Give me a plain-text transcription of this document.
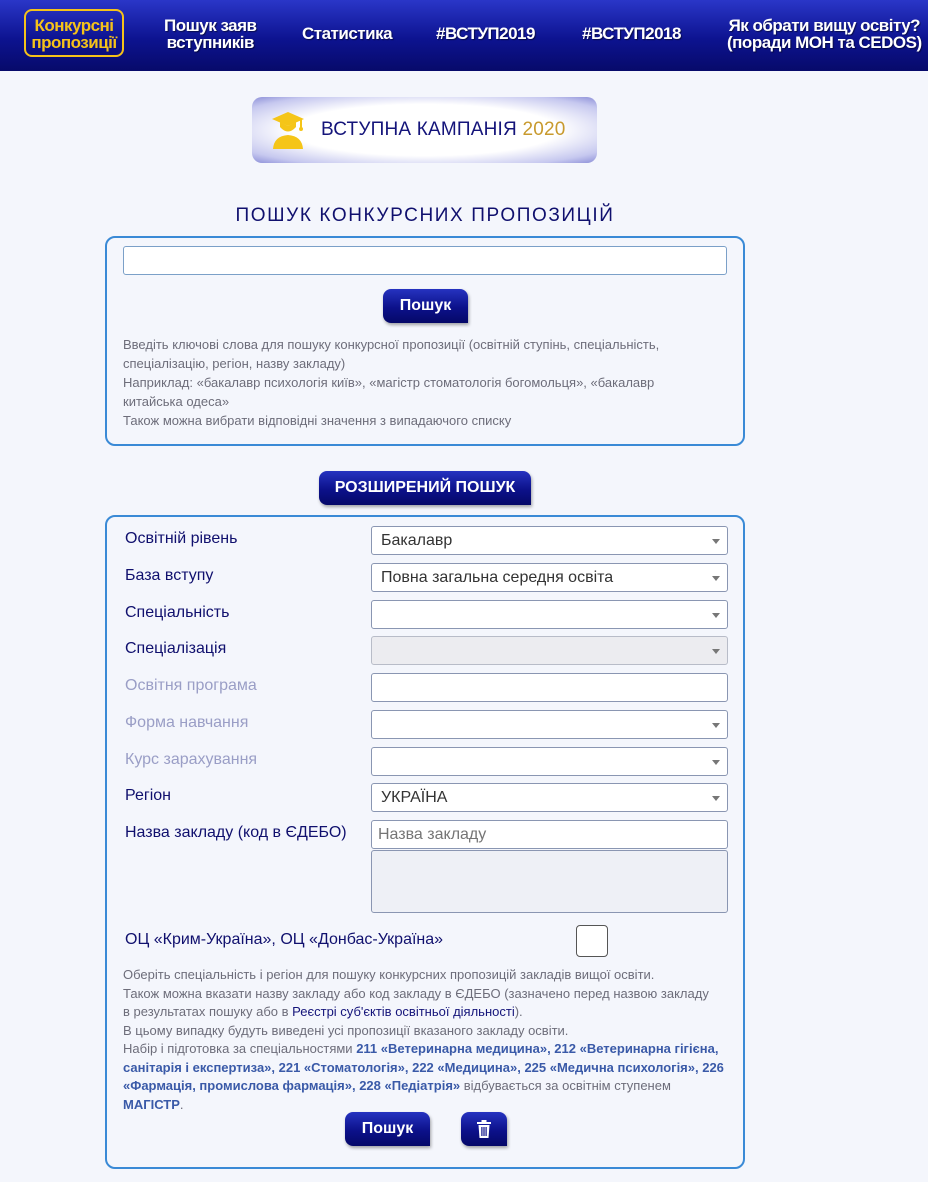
Конкурсні
пропозиції
Пошук заяв
вступників	Статистика	#ВСТУП2019	#ВСТУП2018	Як обрати вищу освіту?
(поради МОН та CEDOS)
ВСТУПНА КАМПАНІЯ 2020
ПОШУК КОНКУРСНИХ ПРОПОЗИЦІЙ
Пошук
Введіть ключові слова для пошуку конкурсної пропозиції (освітній ступінь, спеціальність,
спеціалізацію, регіон, назву закладу)
Наприклад: «бакалавр психологія київ», «магістр стоматологія богомольця», «бакалавр
китайська одеса»
Також можна вибрати відповідні значення з випадаючого списку
РОЗШИРЕНИЙ ПОШУК
Освітній рівень	Бакалавр
База вступу	Повна загальна середня освіта
Спеціальність
Спеціалізація
Освітня програма
Форма навчання
Курс зарахування
Регіон	УКРАЇНА
Назва закладу (код в ЄДЕБО)
Назва закладу
ОЦ «Крим-Україна», ОЦ «Донбас-Україна»
Оберіть спеціальність і регіон для пошуку конкурсних пропозицій закладів вищої освіти.
Також можна вказати назву закладу або код закладу в ЄДЕБО (зазначено перед назвою закладу
в результатах пошуку або в Реєстрі суб'єктів освітньої діяльності).
В цьому випадку будуть виведені усі пропозиції вказаного закладу освіти.
Набір і підготовка за спеціальностями 211 «Ветеринарна медицина», 212 «Ветеринарна гігієна,
санітарія і експертиза», 221 «Стоматологія», 222 «Медицина», 225 «Медична психологія», 226
«Фармація, промислова фармація», 228 «Педіатрія» відбувається за освітнім ступенем МАГІСТР.
Пошук
